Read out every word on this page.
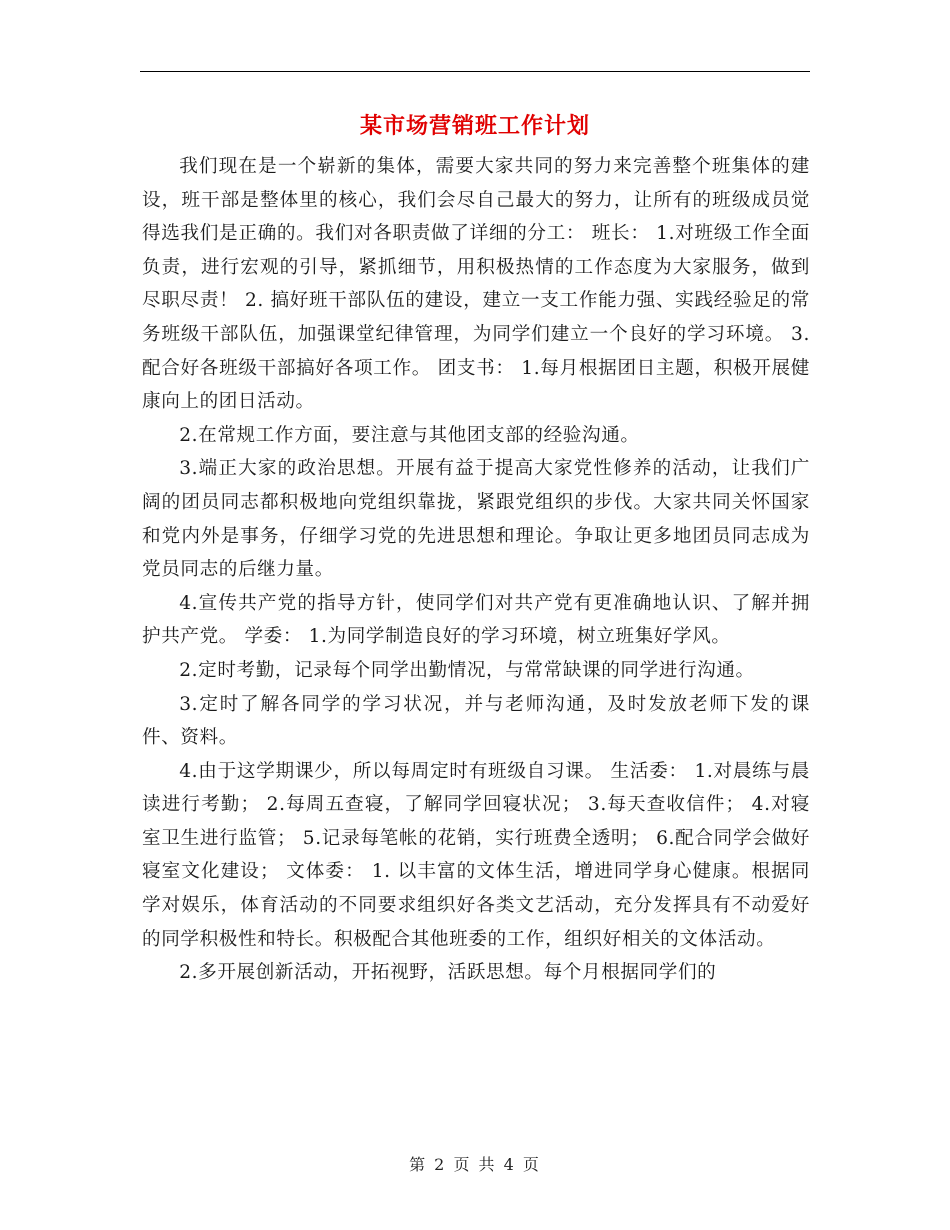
某市场营销班工作计划

我们现在是一个崭新的集体，需要大家共同的努力来完善整个班集体的建设，班干部是整体里的核心，我们会尽自己最大的努力，让所有的班级成员觉得选我们是正确的。我们对各职责做了详细的分工： 班长： 1.对班级工作全面负责，进行宏观的引导，紧抓细节，用积极热情的工作态度为大家服务，做到尽职尽责！ 2. 搞好班干部队伍的建设，建立一支工作能力强、实践经验足的常务班级干部队伍，加强课堂纪律管理，为同学们建立一个良好的学习环境。 3. 配合好各班级干部搞好各项工作。 团支书： 1.每月根据团日主题，积极开展健康向上的团日活动。

2.在常规工作方面，要注意与其他团支部的经验沟通。

3.端正大家的政治思想。开展有益于提高大家党性修养的活动，让我们广阔的团员同志都积极地向党组织靠拢，紧跟党组织的步伐。大家共同关怀国家和党内外是事务，仔细学习党的先进思想和理论。争取让更多地团员同志成为党员同志的后继力量。

4.宣传共产党的指导方针，使同学们对共产党有更准确地认识、了解并拥护共产党。 学委： 1.为同学制造良好的学习环境，树立班集好学风。

2.定时考勤，记录每个同学出勤情况，与常常缺课的同学进行沟通。

3.定时了解各同学的学习状况，并与老师沟通，及时发放老师下发的课件、资料。

4.由于这学期课少，所以每周定时有班级自习课。 生活委： 1.对晨练与晨读进行考勤； 2.每周五查寝，了解同学回寝状况； 3.每天查收信件； 4.对寝室卫生进行监管； 5.记录每笔帐的花销，实行班费全透明； 6.配合同学会做好寝室文化建设； 文体委： 1. 以丰富的文体生活，增进同学身心健康。根据同学对娱乐，体育活动的不同要求组织好各类文艺活动，充分发挥具有不动爱好的同学积极性和特长。积极配合其他班委的工作，组织好相关的文体活动。

2.多开展创新活动，开拓视野，活跃思想。每个月根据同学们的

第 2 页 共 4 页
